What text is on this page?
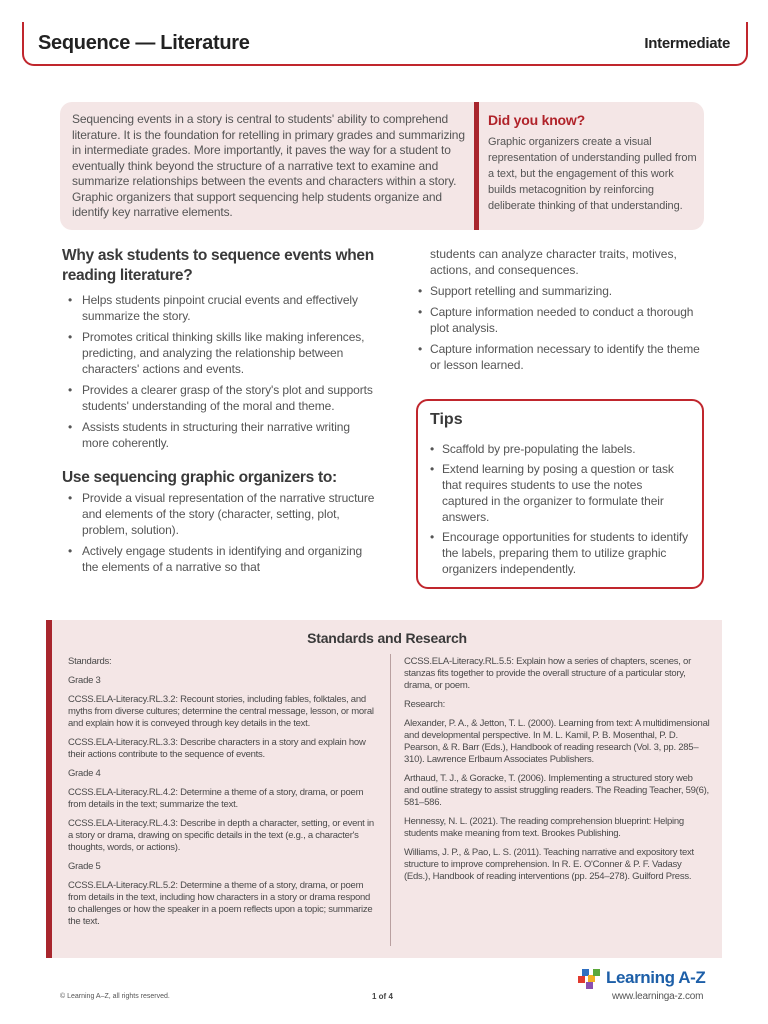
Sequence — Literature	Intermediate
Sequencing events in a story is central to students' ability to comprehend literature. It is the foundation for retelling in primary grades and summarizing in intermediate grades. More importantly, it paves the way for a student to eventually think beyond the structure of a narrative text to examine and summarize relationships between the events and characters within a story. Graphic organizers that support sequencing help students organize and identify key narrative elements.
Did you know?
Graphic organizers create a visual representation of understanding pulled from a text, but the engagement of this work builds metacognition by reinforcing deliberate thinking of that understanding.
Why ask students to sequence events when reading literature?
• Helps students pinpoint crucial events and effectively summarize the story.
• Promotes critical thinking skills like making inferences, predicting, and analyzing the relationship between characters' actions and events.
• Provides a clearer grasp of the story's plot and supports students' understanding of the moral and theme.
• Assists students in structuring their narrative writing more coherently.
Use sequencing graphic organizers to:
• Provide a visual representation of the narrative structure and elements of the story (character, setting, plot, problem, solution).
• Actively engage students in identifying and organizing the elements of a narrative so that
students can analyze character traits, motives, actions, and consequences.
• Support retelling and summarizing.
• Capture information needed to conduct a thorough plot analysis.
• Capture information necessary to identify the theme or lesson learned.
Tips
• Scaffold by pre-populating the labels.
• Extend learning by posing a question or task that requires students to use the notes captured in the organizer to formulate their answers.
• Encourage opportunities for students to identify the labels, preparing them to utilize graphic organizers independently.
Standards and Research

Standards:

Grade 3

CCSS.ELA-Literacy.RL.3.2: Recount stories, including fables, folktales, and myths from diverse cultures; determine the central message, lesson, or moral and explain how it is conveyed through key details in the text.

CCSS.ELA-Literacy.RL.3.3: Describe characters in a story and explain how their actions contribute to the sequence of events.

Grade 4

CCSS.ELA-Literacy.RL.4.2: Determine a theme of a story, drama, or poem from details in the text; summarize the text.

CCSS.ELA-Literacy.RL.4.3: Describe in depth a character, setting, or event in a story or drama, drawing on specific details in the text (e.g., a character's thoughts, words, or actions).

Grade 5

CCSS.ELA-Literacy.RL.5.2: Determine a theme of a story, drama, or poem from details in the text, including how characters in a story or drama respond to challenges or how the speaker in a poem reflects upon a topic; summarize the text.

CCSS.ELA-Literacy.RL.5.5: Explain how a series of chapters, scenes, or stanzas fits together to provide the overall structure of a particular story, drama, or poem.

Research:

Alexander, P. A., & Jetton, T. L. (2000). Learning from text: A multidimensional and developmental perspective. In M. L. Kamil, P. B. Mosenthal, P. D. Pearson, & R. Barr (Eds.), Handbook of reading research (Vol. 3, pp. 285–310). Lawrence Erlbaum Associates Publishers.

Arthaud, T. J., & Goracke, T. (2006). Implementing a structured story web and outline strategy to assist struggling readers. The Reading Teacher, 59(6), 581–586.

Hennessy, N. L. (2021). The reading comprehension blueprint: Helping students make meaning from text. Brookes Publishing.

Williams, J. P., & Pao, L. S. (2011). Teaching narrative and expository text structure to improve comprehension. In R. E. O'Conner & P. F. Vadasy (Eds.), Handbook of reading interventions (pp. 254–278). Guilford Press.

© Learning A–Z, all rights reserved.	1 of 4
Learning A-Z
www.learninga-z.com
